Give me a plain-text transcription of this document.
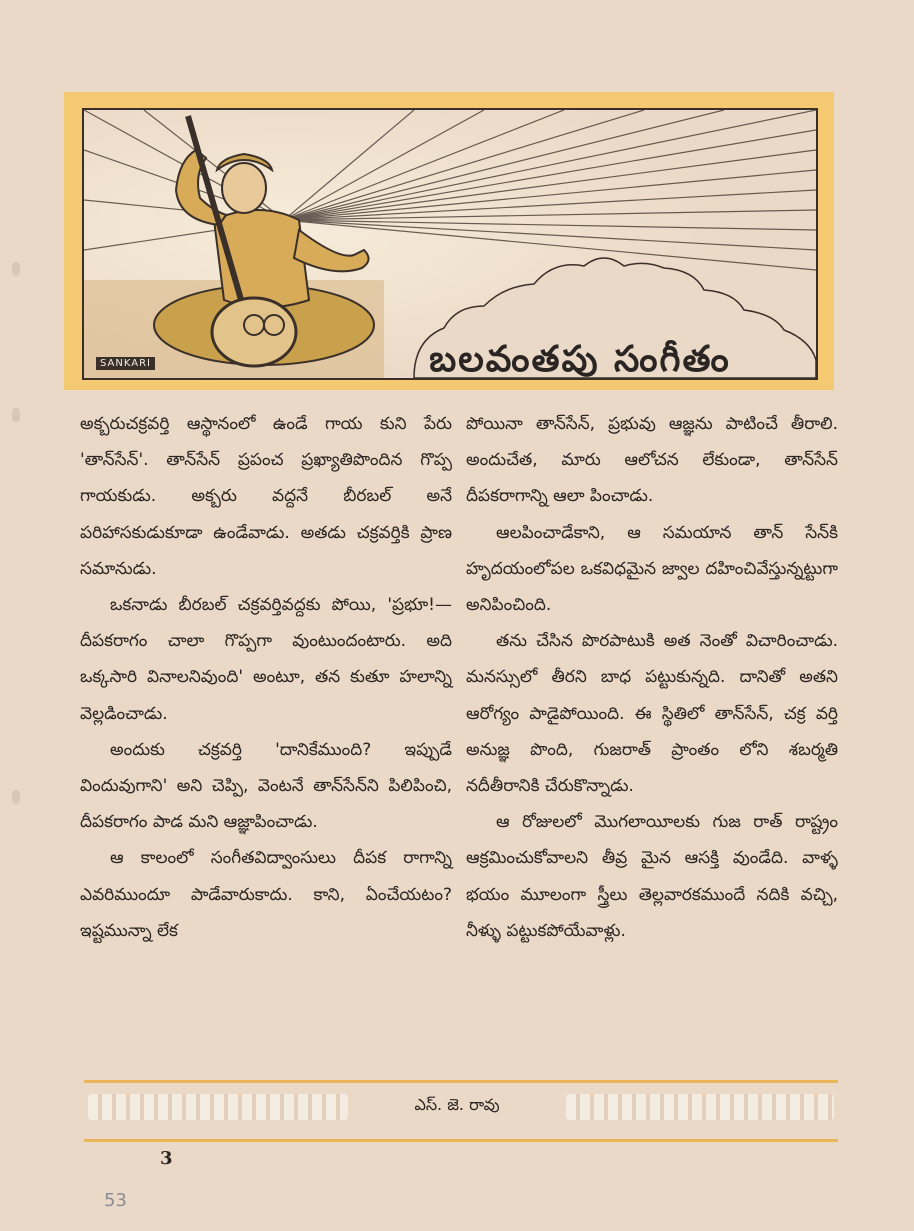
SANKARI	బలవంతపు సంగీతం

అక్బరుచక్రవర్తి ఆస్థానంలో ఉండే గాయ కుని పేరు 'తాన్‌సేన్'. తాన్‌సేన్ ప్రపంచ ప్రఖ్యాతిపొందిన గొప్ప గాయకుడు. అక్బరు వద్దనే బీరబల్ అనే పరిహాసకుడుకూడా ఉండేవాడు. అతడు చక్రవర్తికి ప్రాణ సమానుడు.

ఒకనాడు బీరబల్ చక్రవర్తివద్దకు పోయి, 'ప్రభూ!—దీపకరాగం చాలా గొప్పగా వుంటుందంటారు. అది ఒక్కసారి వినాలనివుంది' అంటూ, తన కుతూ హలాన్ని వెల్లడించాడు.

అందుకు చక్రవర్తి 'దానికేముంది? ఇప్పుడే విందువుగాని' అని చెప్పి, వెంటనే తాన్‌సేన్‌ని పిలిపించి, దీపకరాగం పాడ మని ఆజ్ఞాపించాడు.

ఆ కాలంలో సంగీతవిద్వాంసులు దీపక రాగాన్ని ఎవరిముందూ పాడేవారుకాదు. కాని, ఏంచేయటం? ఇష్టమున్నా లేక

పోయినా తాన్‌సేన్, ప్రభువు ఆజ్ఞను పాటించే తీరాలి. అందుచేత, మారు ఆలోచన లేకుండా, తాన్‌సేన్ దీపకరాగాన్ని ఆలా పించాడు.

ఆలపించాడేకాని, ఆ సమయాన తాన్ సేన్‌కి హృదయంలోపల ఒకవిధమైన జ్వాల దహించివేస్తున్నట్టుగా అనిపించింది.

తను చేసిన పొరపాటుకి అత నెంతో విచారించాడు. మనస్సులో తీరని బాధ పట్టుకున్నది. దానితో అతని ఆరోగ్యం పాడైపోయింది. ఈ స్థితిలో తాన్‌సేన్, చక్ర వర్తి అనుజ్ఞ పొంది, గుజరాత్ ప్రాంతం లోని శబర్మతి నదీతీరానికి చేరుకొన్నాడు.

ఆ రోజులలో మొగలాయీలకు గుజ రాత్ రాష్ట్రం ఆక్రమించుకోవాలని తీవ్ర మైన ఆసక్తి వుండేది. వాళ్ళ భయం మూలంగా స్త్రీలు తెల్లవారకముందే నదికి వచ్చి, నీళ్ళు పట్టుకపోయేవాళ్లు.

ఎస్. జె. రావు
3
53
